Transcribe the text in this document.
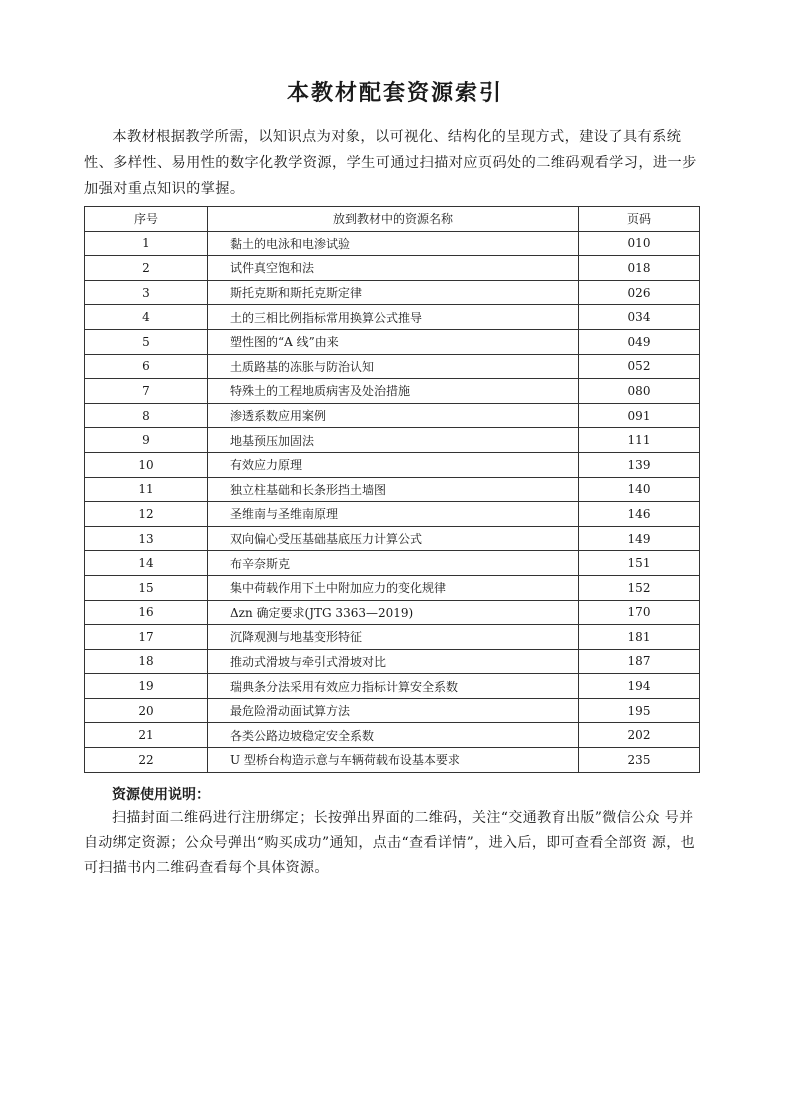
本教材配套资源索引

本教材根据教学所需，以知识点为对象，以可视化、结构化的呈现方式，建设了具有系统性、多样性、易用性的数字化教学资源，学生可通过扫描对应页码处的二维码观看学习，进一步加强对重点知识的掌握。

序号	放到教材中的资源名称	页码
1	黏土的电泳和电渗试验	010
2	试件真空饱和法	018
3	斯托克斯和斯托克斯定律	026
4	土的三相比例指标常用换算公式推导	034
5	塑性图的“A 线”由来	049
6	土质路基的冻胀与防治认知	052
7	特殊土的工程地质病害及处治措施	080
8	渗透系数应用案例	091
9	地基预压加固法	111
10	有效应力原理	139
11	独立柱基础和长条形挡土墙图	140
12	圣维南与圣维南原理	146
13	双向偏心受压基础基底压力计算公式	149
14	布辛奈斯克	151
15	集中荷载作用下土中附加应力的变化规律	152
16	Δzn 确定要求(JTG 3363—2019)	170
17	沉降观测与地基变形特征	181
18	推动式滑坡与牵引式滑坡对比	187
19	瑞典条分法采用有效应力指标计算安全系数	194
20	最危险滑动面试算方法	195
21	各类公路边坡稳定安全系数	202
22	U 型桥台构造示意与车辆荷载布设基本要求	235
资源使用说明：

扫描封面二维码进行注册绑定；长按弹出界面的二维码，关注“交通教育出版”微信公众 号并自动绑定资源；公众号弹出“购买成功”通知，点击“查看详情”，进入后，即可查看全部资 源，也可扫描书内二维码查看每个具体资源。
